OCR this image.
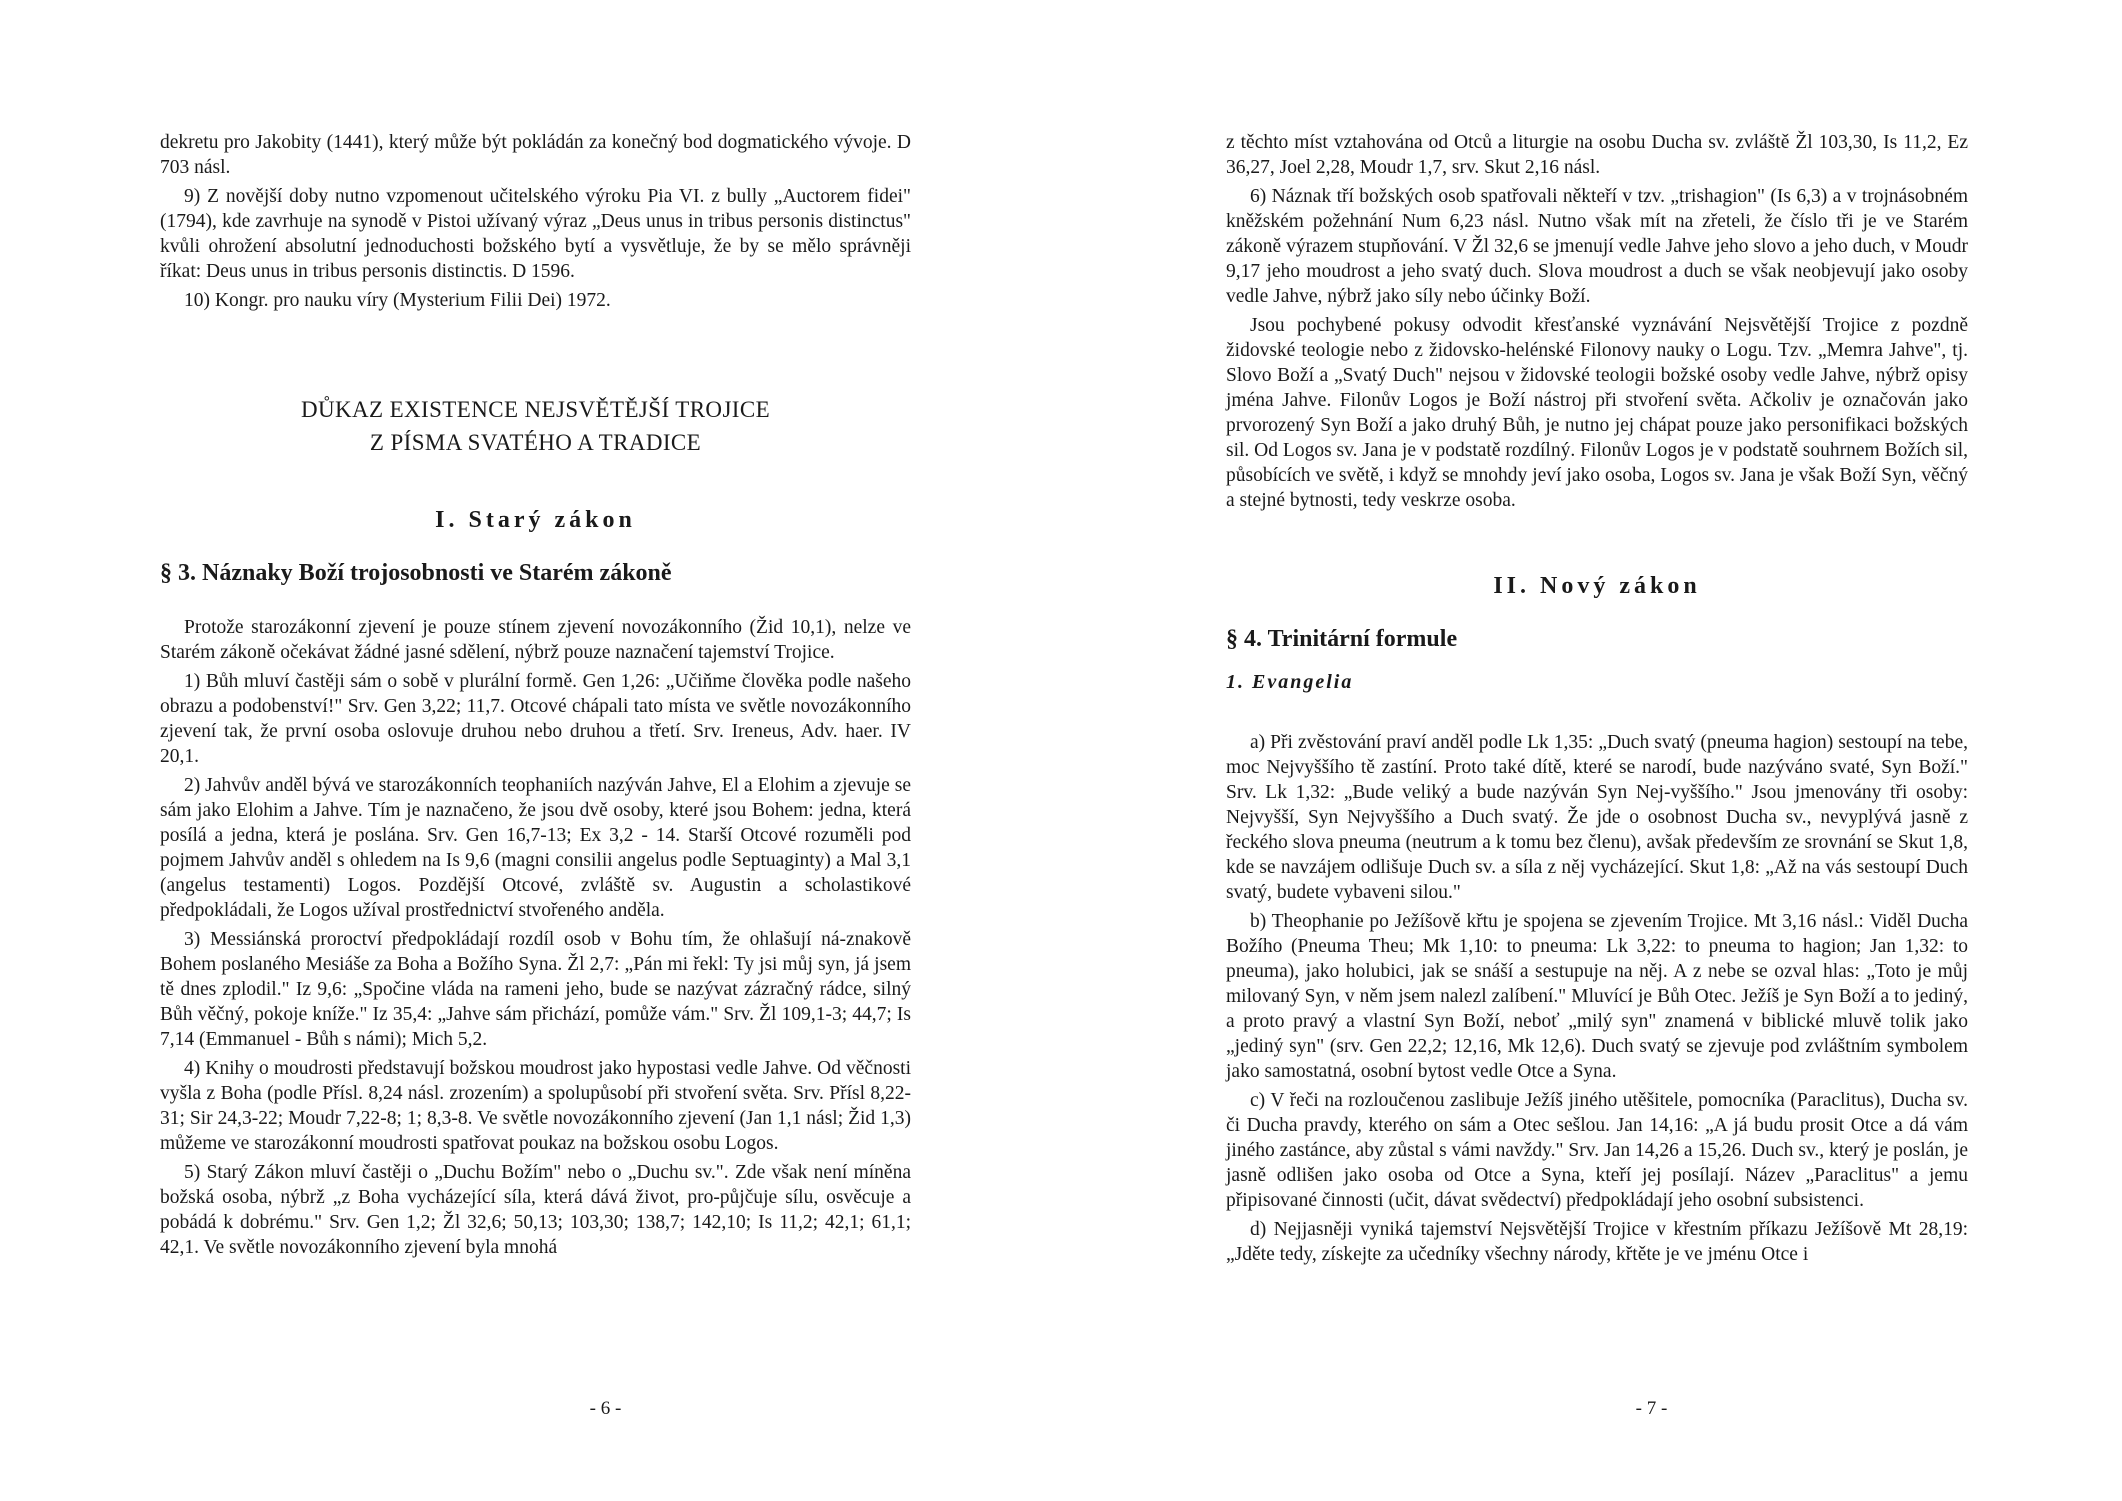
dekretu pro Jakobity (1441), který může být pokládán za konečný bod dogmatického vývoje. D 703 násl.

9) Z novější doby nutno vzpomenout učitelského výroku Pia VI. z bully „Auctorem fidei" (1794), kde zavrhuje na synodě v Pistoi užívaný výraz „Deus unus in tribus personis distinctus" kvůli ohrožení absolutní jednoduchosti božského bytí a vysvětluje, že by se mělo správněji říkat: Deus unus in tribus personis distinctis. D 1596.

10) Kongr. pro nauku víry (Mysterium Filii Dei) 1972.

DŮKAZ EXISTENCE NEJSVĚTĚJŠÍ TROJICE
Z PÍSMA SVATÉHO A TRADICE
I. Starý zákon
§ 3. Náznaky Boží trojosobnosti ve Starém zákoně

Protože starozákonní zjevení je pouze stínem zjevení novozákonního (Žid 10,1), nelze ve Starém zákoně očekávat žádné jasné sdělení, nýbrž pouze naznačení tajemství Trojice.

1) Bůh mluví častěji sám o sobě v plurální formě. Gen 1,26: „Učiňme člověka podle našeho obrazu a podobenství!" Srv. Gen 3,22; 11,7. Otcové chápali tato místa ve světle novozákonního zjevení tak, že první osoba oslovuje druhou nebo druhou a třetí. Srv. Ireneus, Adv. haer. IV 20,1.

2) Jahvův anděl bývá ve starozákonních teophaniích nazýván Jahve, El a Elohim a zjevuje se sám jako Elohim a Jahve. Tím je naznačeno, že jsou dvě osoby, které jsou Bohem: jedna, která posílá a jedna, která je poslána. Srv. Gen 16,7-13; Ex 3,2 - 14. Starší Otcové rozuměli pod pojmem Jahvův anděl s ohledem na Is 9,6 (magni consilii angelus podle Septuaginty) a Mal 3,1 (angelus testamenti) Logos. Pozdější Otcové, zvláště sv. Augustin a scholastikové předpokládali, že Logos užíval prostřednictví stvořeného anděla.

3) Messiánská proroctví předpokládají rozdíl osob v Bohu tím, že ohlašují ná-znakově Bohem poslaného Mesiáše za Boha a Božího Syna. Žl 2,7: „Pán mi řekl: Ty jsi můj syn, já jsem tě dnes zplodil." Iz 9,6: „Spočine vláda na rameni jeho, bude se nazývat zázračný rádce, silný Bůh věčný, pokoje kníže." Iz 35,4: „Jahve sám přichází, pomůže vám." Srv. Žl 109,1-3; 44,7; Is 7,14 (Emmanuel - Bůh s námi); Mich 5,2.

4) Knihy o moudrosti představují božskou moudrost jako hypostasi vedle Jahve. Od věčnosti vyšla z Boha (podle Přísl. 8,24 násl. zrozením) a spolupůsobí při stvoření světa. Srv. Přísl 8,22-31; Sir 24,3-22; Moudr 7,22-8; 1; 8,3-8. Ve světle novozákonního zjevení (Jan 1,1 násl; Žid 1,3) můžeme ve starozákonní moudrosti spatřovat poukaz na božskou osobu Logos.

5) Starý Zákon mluví častěji o „Duchu Božím" nebo o „Duchu sv.". Zde však není míněna božská osoba, nýbrž „z Boha vycházející síla, která dává život, pro-půjčuje sílu, osvěcuje a pobádá k dobrému." Srv. Gen 1,2; Žl 32,6; 50,13; 103,30; 138,7; 142,10; Is 11,2; 42,1; 61,1; 42,1. Ve světle novozákonního zjevení byla mnohá

- 6 -

z těchto míst vztahována od Otců a liturgie na osobu Ducha sv. zvláště Žl 103,30, Is 11,2, Ez 36,27, Joel 2,28, Moudr 1,7, srv. Skut 2,16 násl.

6) Náznak tří božských osob spatřovali někteří v tzv. „trishagion" (Is 6,3) a v trojnásobném kněžském požehnání Num 6,23 násl. Nutno však mít na zřeteli, že číslo tři je ve Starém zákoně výrazem stupňování. V Žl 32,6 se jmenují vedle Jahve jeho slovo a jeho duch, v Moudr 9,17 jeho moudrost a jeho svatý duch. Slova moudrost a duch se však neobjevují jako osoby vedle Jahve, nýbrž jako síly nebo účinky Boží.

Jsou pochybené pokusy odvodit křesťanské vyznávání Nejsvětější Trojice z pozdně židovské teologie nebo z židovsko-helénské Filonovy nauky o Logu. Tzv. „Memra Jahve", tj. Slovo Boží a „Svatý Duch" nejsou v židovské teologii božské osoby vedle Jahve, nýbrž opisy jména Jahve. Filonův Logos je Boží nástroj při stvoření světa. Ačkoliv je označován jako prvorozený Syn Boží a jako druhý Bůh, je nutno jej chápat pouze jako personifikaci božských sil. Od Logos sv. Jana je v podstatě rozdílný. Filonův Logos je v podstatě souhrnem Božích sil, působících ve světě, i když se mnohdy jeví jako osoba, Logos sv. Jana je však Boží Syn, věčný a stejné bytnosti, tedy veskrze osoba.

II. Nový zákon
§ 4. Trinitární formule
1. Evangelia

a) Při zvěstování praví anděl podle Lk 1,35: „Duch svatý (pneuma hagion) sestoupí na tebe, moc Nejvyššího tě zastíní. Proto také dítě, které se narodí, bude nazýváno svaté, Syn Boží." Srv. Lk 1,32: „Bude veliký a bude nazýván Syn Nej-vyššího." Jsou jmenovány tři osoby: Nejvyšší, Syn Nejvyššího a Duch svatý. Že jde o osobnost Ducha sv., nevyplývá jasně z řeckého slova pneuma (neutrum a k tomu bez členu), avšak především ze srovnání se Skut 1,8, kde se navzájem odlišuje Duch sv. a síla z něj vycházející. Skut 1,8: „Až na vás sestoupí Duch svatý, budete vybaveni silou."

b) Theophanie po Ježíšově křtu je spojena se zjevením Trojice. Mt 3,16 násl.: Viděl Ducha Božího (Pneuma Theu; Mk 1,10: to pneuma: Lk 3,22: to pneuma to hagion; Jan 1,32: to pneuma), jako holubici, jak se snáší a sestupuje na něj. A z nebe se ozval hlas: „Toto je můj milovaný Syn, v něm jsem nalezl zalíbení." Mluvící je Bůh Otec. Ježíš je Syn Boží a to jediný, a proto pravý a vlastní Syn Boží, neboť „milý syn" znamená v biblické mluvě tolik jako „jediný syn" (srv. Gen 22,2; 12,16, Mk 12,6). Duch svatý se zjevuje pod zvláštním symbolem jako samostatná, osobní bytost vedle Otce a Syna.

c) V řeči na rozloučenou zaslibuje Ježíš jiného utěšitele, pomocníka (Paraclitus), Ducha sv. či Ducha pravdy, kterého on sám a Otec sešlou. Jan 14,16: „A já budu prosit Otce a dá vám jiného zastánce, aby zůstal s vámi navždy." Srv. Jan 14,26 a 15,26. Duch sv., který je poslán, je jasně odlišen jako osoba od Otce a Syna, kteří jej posílají. Název „Paraclitus" a jemu připisované činnosti (učit, dávat svědectví) předpokládají jeho osobní subsistenci.

d) Nejjasněji vyniká tajemství Nejsvětější Trojice v křestním příkazu Ježíšově Mt 28,19: „Jděte tedy, získejte za učedníky všechny národy, křtěte je ve jménu Otce i

- 7 -
